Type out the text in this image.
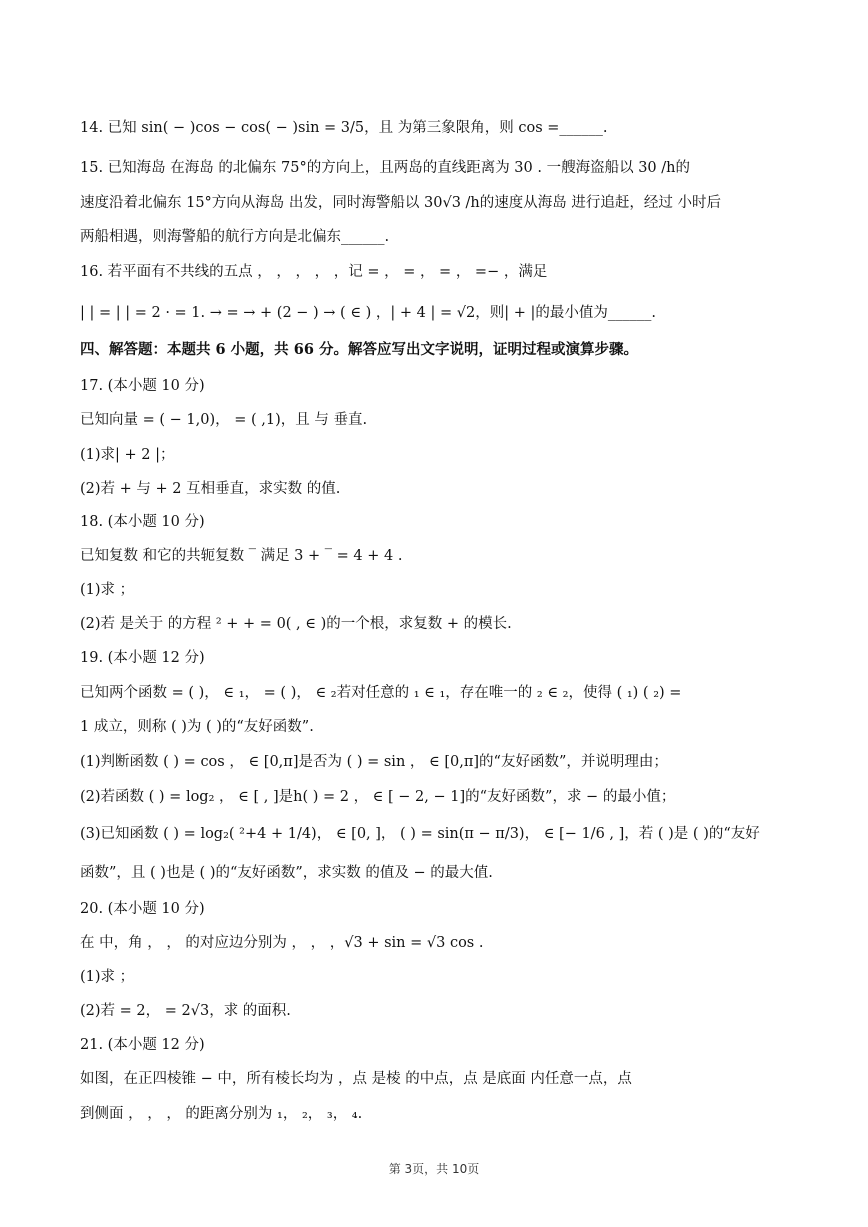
14. 已知 sin( − )cos − cos( − )sin = 3/5，且 为第三象限角，则 cos =______.
15. 已知海岛 在海岛 的北偏东 75°的方向上，且两岛的直线距离为 30 . 一艘海盗船以 30 /h的
速度沿着北偏东 15°方向从海岛 出发，同时海警船以 30√3 /h的速度从海岛 进行追赶，经过 小时后
两船相遇，则海警船的航行方向是北偏东______.
16. 若平面有不共线的五点 ， ， ， ， ，记 = ， = ， = ， =− ，满足
| | = | | = 2 · = 1. → = → + (2 − ) → ( ∈ ) ，| + 4 | = √2，则| + |的最小值为______.
四、解答题：本题共 6 小题，共 66 分。解答应写出文字说明，证明过程或演算步骤。
17. (本小题 10 分)
已知向量 = ( − 1,0)， = ( ,1)，且 与 垂直.
(1)求| + 2 |；
(2)若 + 与 + 2 互相垂直，求实数 的值.
18. (本小题 10 分)
已知复数 和它的共轭复数 ‾ 满足 3 + ‾ = 4 + 4 .
(1)求 ；
(2)若 是关于 的方程 ² + + = 0( , ∈ )的一个根，求复数 + 的模长.
19. (本小题 12 分)
已知两个函数 = ( )， ∈ ₁， = ( )， ∈ ₂若对任意的 ₁ ∈ ₁，存在唯一的 ₂ ∈ ₂，使得 ( ₁) ( ₂) =
1 成立，则称 ( )为 ( )的“友好函数”.
(1)判断函数 ( ) = cos ， ∈ [0,π]是否为 ( ) = sin ， ∈ [0,π]的“友好函数”，并说明理由；
(2)若函数 ( ) = log₂ ， ∈ [ , ]是h( ) = 2 ， ∈ [ − 2, − 1]的“友好函数”，求 − 的最小值；
(3)已知函数 ( ) = log₂( ²+4 + 1/4)， ∈ [0, ]， ( ) = sin(π − π/3)， ∈ [− 1/6 , ]，若 ( )是 ( )的“友好
函数”，且 ( )也是 ( )的“友好函数”，求实数 的值及 − 的最大值.
20. (本小题 10 分)
在 中，角 ， ， 的对应边分别为 ， ， ，√3 + sin = √3 cos .
(1)求 ；
(2)若 = 2， = 2√3，求 的面积.
21. (本小题 12 分)
如图，在正四棱锥 − 中，所有棱长均为 ，点 是棱 的中点，点 是底面 内任意一点，点
到侧面 ， ， ， 的距离分别为 ₁， ₂， ₃， ₄.
第 3页，共 10页
